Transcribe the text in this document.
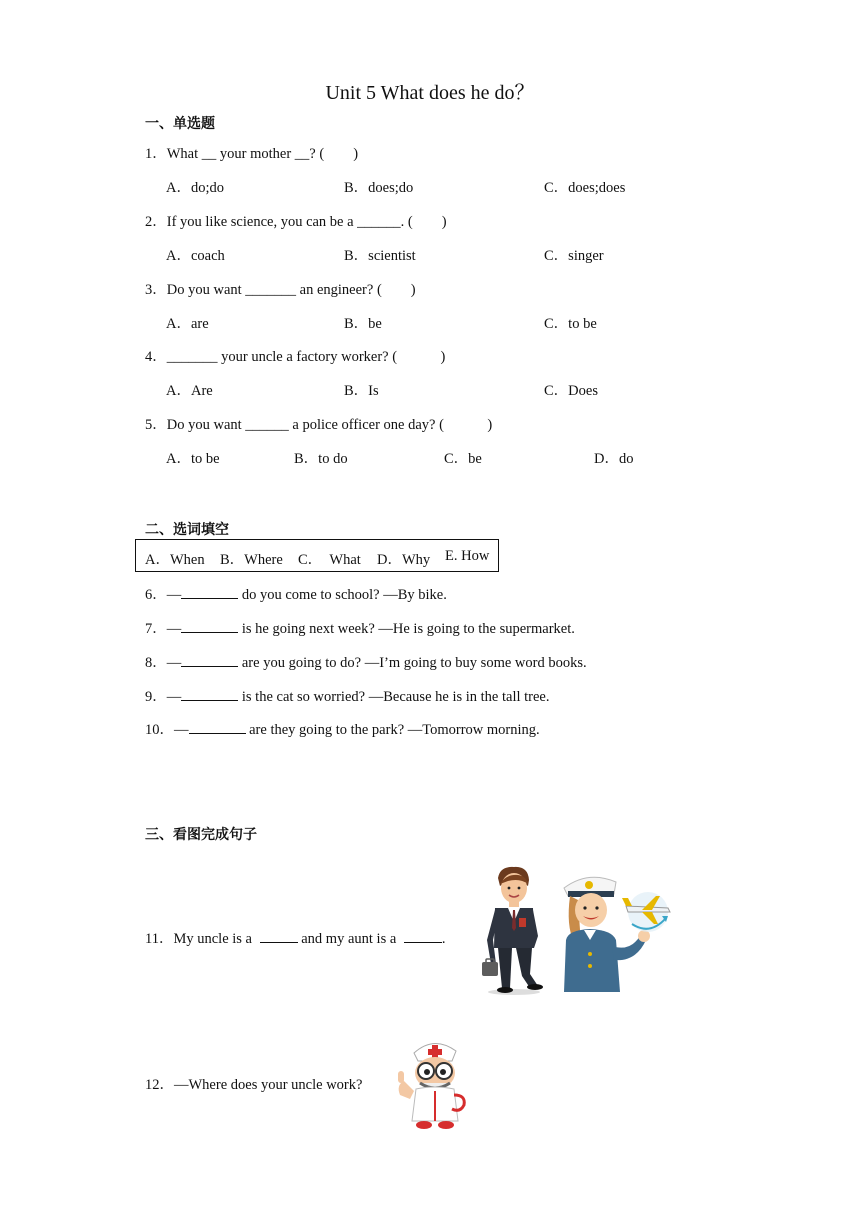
Unit 5 What does he do？
一、单选题
1．What __ your mother __? (　　)
A．do;do	B．does;do	C．does;does
2．If you like science, you can be a ______. (　　)
A．coach	B．scientist	C．singer
3．Do you want _______ an engineer? (　　)
A．are	B．be	C．to be
4．_______ your uncle a factory worker? (　　　)
A．Are	B．Is	C．Does
5．Do you want ______ a police officer one day? (　　　)
A．to be	B．to do	C．be	D．do
二、选词填空
A．When B．Where C．　What D．Why E. How
6．—	do you come to school? —By bike.
7．—	is he going next week? —He is going to the supermarket.
8．—	are you going to do? —I’m going to buy some word books.
9．—	is the cat so worried? —Because he is in the tall tree.
10．—	are they going to the park? —Tomorrow morning.
三、看图完成句子
11．My uncle is a	and my aunt is a	.
12．—Where does your uncle work?
